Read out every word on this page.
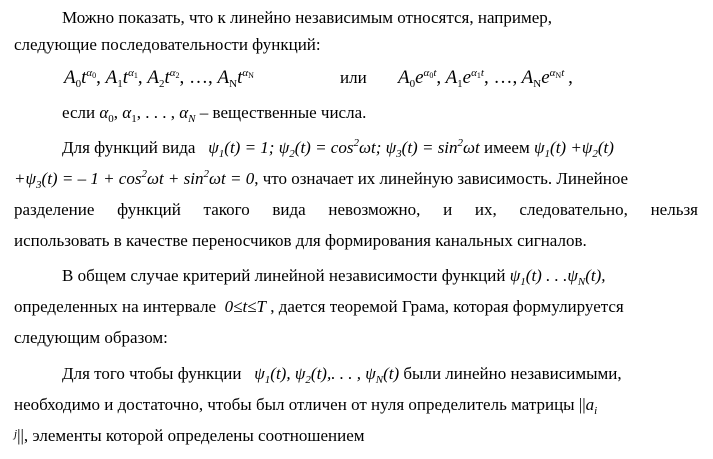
Можно показать, что к линейно независимым относятся, например,
следующие последовательности функций:
$A_0t^{\alpha_0}$, $A_1t^{\alpha_1}$, $A_2t^{\alpha_2}$, …, $A_Nt^{\alpha_N}$	или $A_0e^{\alpha_0t}$, $A_1e^{\alpha_1t}$, …, $A_Ne^{\alpha_Nt}$  ,
если $\alpha_0$, $\alpha_1$, . . . , $\alpha_N$ – вещественные числа.
Для функций вида   $\psi_1(t) = 1$; $\psi_2(t) = \cos^2\omega t$; $\psi_3(t) = \sin^2\omega t$ имеем $\psi_1(t) +\psi_2(t)$
$+\psi_3(t)$ = – $1 + \cos^2\omega t + \sin^2\omega t = 0$, что означает их линейную зависимость. Линейное
разделение функций такого вида невозможно, и их, следовательно, нельзя
использовать в качестве переносчиков для формирования канальных сигналов.
В общем случае критерий линейной независимости функций $\psi_1(t)$ . . $.\psi_N(t)$,
определенных на интервале  0≤t≤T , дается теоремой Грама, которая формулируется
следующим образом:
Для того чтобы функции   $\psi_1(t)$, $\psi_2(t)$,. . . , $\psi_N(t)$ были линейно независимыми,
необходимо и достаточно, чтобы был отличен от нуля определитель матрицы $||a_i$
$_j$||, элементы которой определены соотношением
